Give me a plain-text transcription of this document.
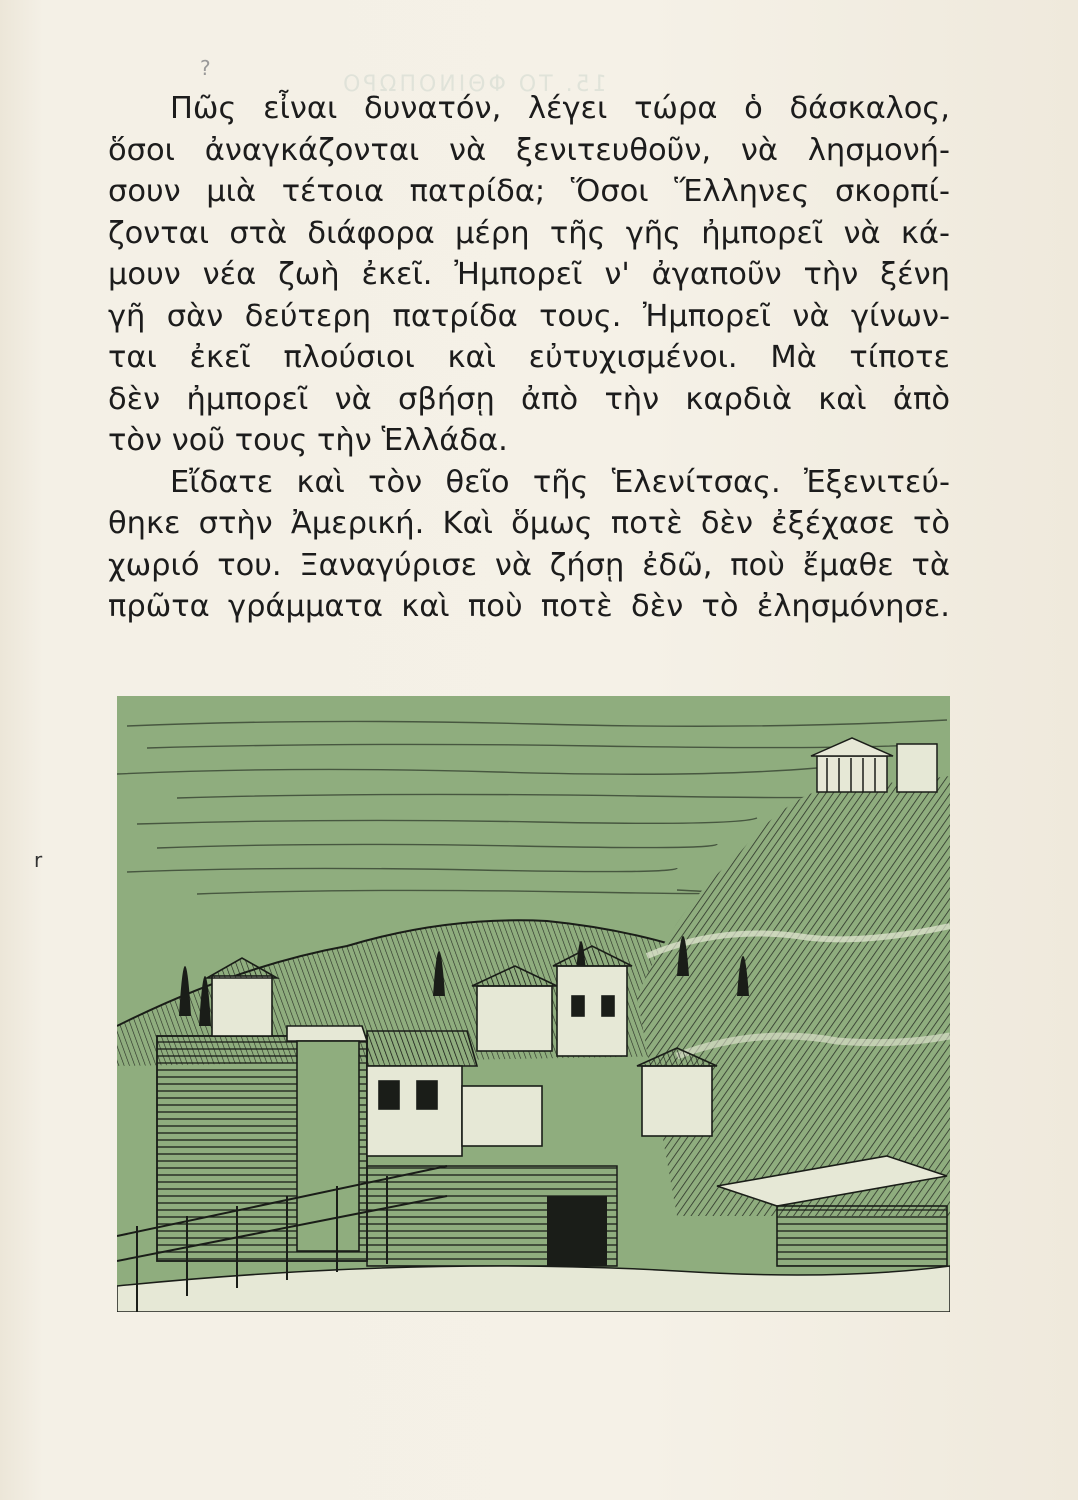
15. ΤΟ ΦΘΙΝΟΠΩΡΟ
r
?
Πῶς εἶναι δυνατόν, λέγει τώρα ὁ δάσκαλος,
ὅσοι ἀναγκάζονται νὰ ξενιτευθοῦν, νὰ λησμονή-
σουν μιὰ τέτοια πατρίδα; Ὅσοι Ἕλληνες σκορπί-
ζονται στὰ διάφορα μέρη τῆς γῆς ἠμπορεῖ νὰ κά-
μουν νέα ζωὴ ἐκεῖ. Ἠμπορεῖ ν' ἀγαποῦν τὴν ξένη
γῆ σὰν δεύτερη πατρίδα τους. Ἠμπορεῖ νὰ γίνων-
ται ἐκεῖ πλούσιοι καὶ εὐτυχισμένοι. Μὰ τίποτε
δὲν ἠμπορεῖ νὰ σβήσῃ ἀπὸ τὴν καρδιὰ καὶ ἀπὸ
τὸν νοῦ τους τὴν Ἑλλάδα.
Εἴδατε καὶ τὸν θεῖο τῆς Ἑλενίτσας. Ἐξενιτεύ-
θηκε στὴν Ἀμερική. Καὶ ὅμως ποτὲ δὲν ἐξέχασε τὸ
χωριό του. Ξαναγύρισε νὰ ζήσῃ ἐδῶ, ποὺ ἔμαθε τὰ
πρῶτα γράμματα καὶ ποὺ ποτὲ δὲν τὸ ἐλησμόνησε.
